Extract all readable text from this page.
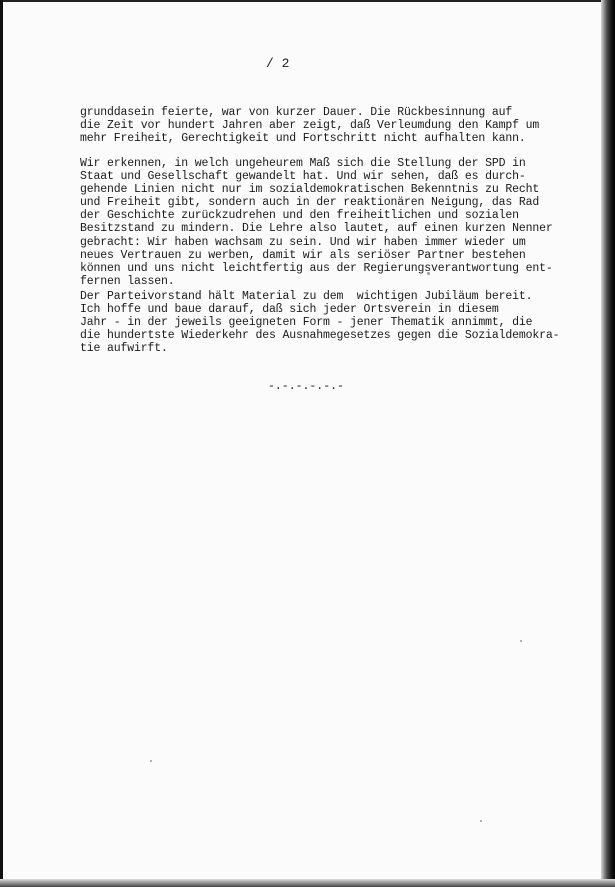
/ 2
grunddasein feierte, war von kurzer Dauer. Die Rückbesinnung auf
die Zeit vor hundert Jahren aber zeigt, daß Verleumdung den Kampf um
mehr Freiheit, Gerechtigkeit und Fortschritt nicht aufhalten kann.
Wir erkennen, in welch ungeheurem Maß sich die Stellung der SPD in
Staat und Gesellschaft gewandelt hat. Und wir sehen, daß es durch-
gehende Linien nicht nur im sozialdemokratischen Bekenntnis zu Recht
und Freiheit gibt, sondern auch in der reaktionären Neigung, das Rad
der Geschichte zurückzudrehen und den freiheitlichen und sozialen
Besitzstand zu mindern. Die Lehre also lautet, auf einen kurzen Nenner
gebracht: Wir haben wachsam zu sein. Und wir haben immer wieder um
neues Vertrauen zu werben, damit wir als seriöser Partner bestehen
können und uns nicht leichtfertig aus der Regierungsverantwortung ent-
fernen lassen.
Der Parteivorstand hält Material zu dem  wichtigen Jubiläum bereit.
Ich hoffe und baue darauf, daß sich jeder Ortsverein in diesem
Jahr - in der jeweils geeigneten Form - jener Thematik annimmt, die
die hundertste Wiederkehr des Ausnahmegesetzes gegen die Sozialdemokra-
tie aufwirft.
-.-.-.-.-.-
